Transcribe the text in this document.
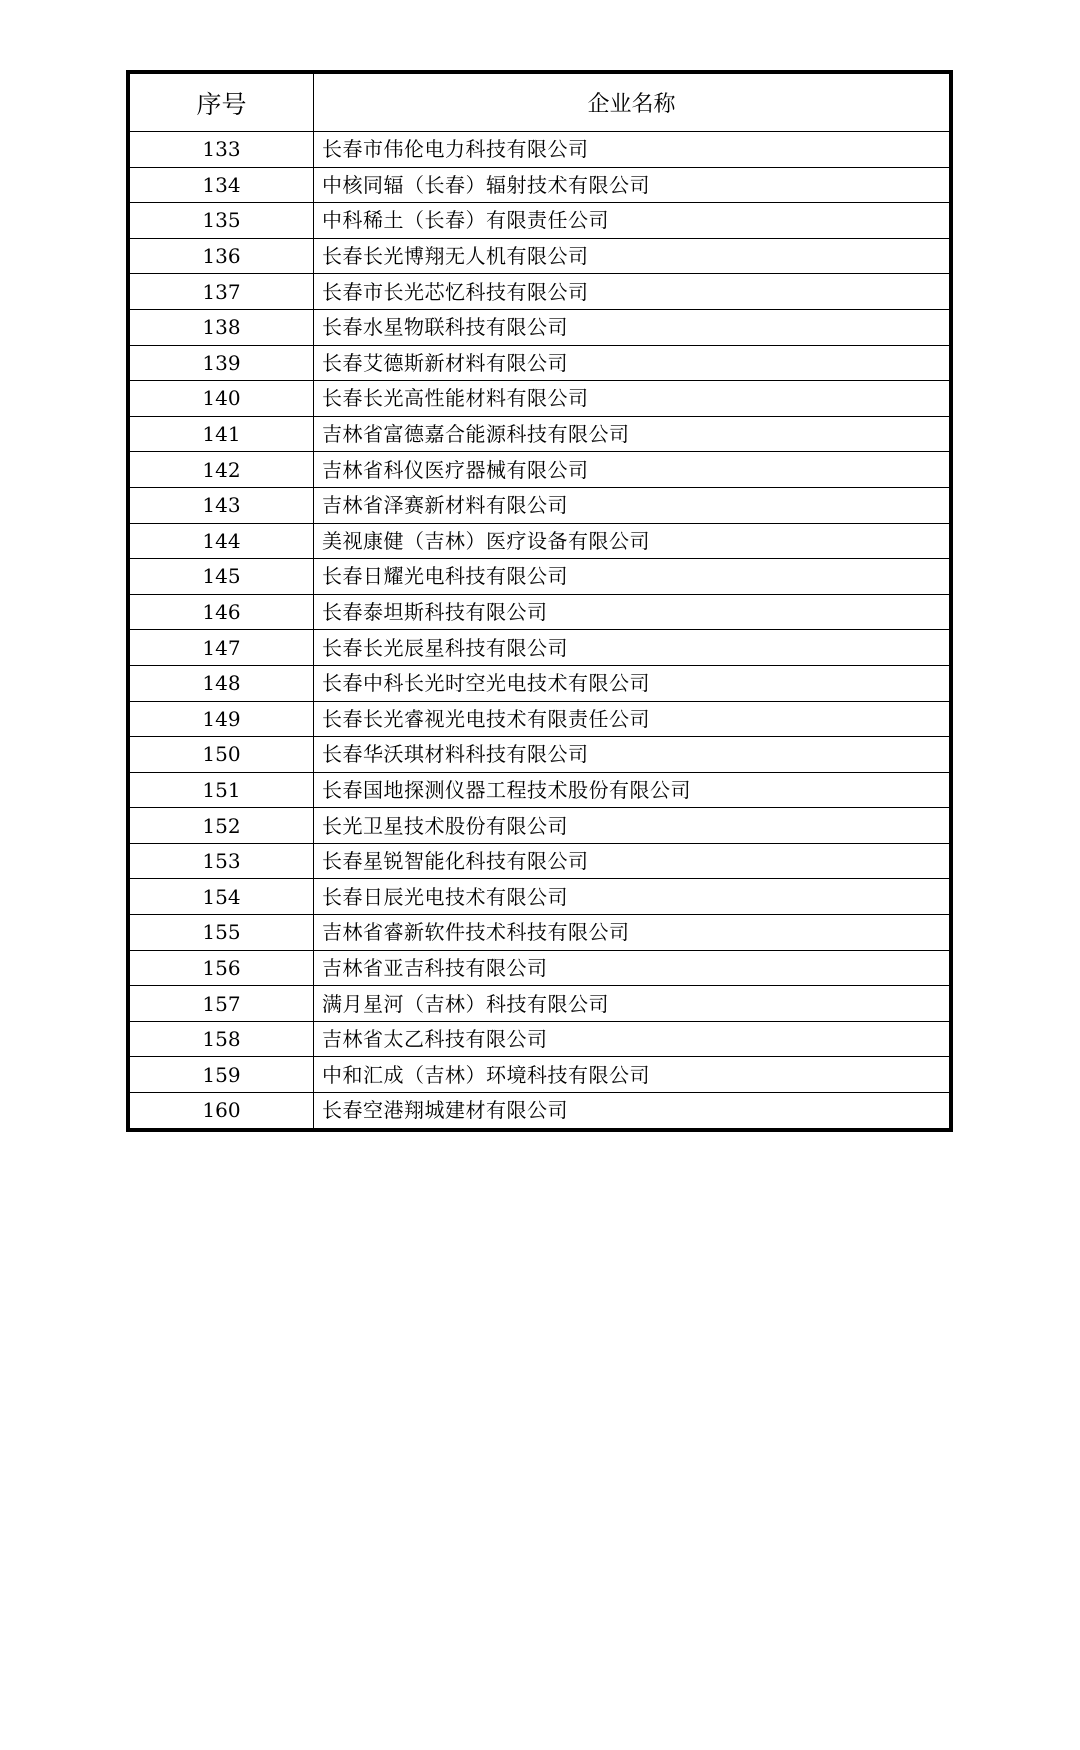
序号	企业名称
133	长春市伟伦电力科技有限公司
134	中核同辐（长春）辐射技术有限公司
135	中科稀土（长春）有限责任公司
136	长春长光博翔无人机有限公司
137	长春市长光芯忆科技有限公司
138	长春水星物联科技有限公司
139	长春艾德斯新材料有限公司
140	长春长光高性能材料有限公司
141	吉林省富德嘉合能源科技有限公司
142	吉林省科仪医疗器械有限公司
143	吉林省泽赛新材料有限公司
144	美视康健（吉林）医疗设备有限公司
145	长春日耀光电科技有限公司
146	长春泰坦斯科技有限公司
147	长春长光辰星科技有限公司
148	长春中科长光时空光电技术有限公司
149	长春长光睿视光电技术有限责任公司
150	长春华沃琪材料科技有限公司
151	长春国地探测仪器工程技术股份有限公司
152	长光卫星技术股份有限公司
153	长春星锐智能化科技有限公司
154	长春日辰光电技术有限公司
155	吉林省睿新软件技术科技有限公司
156	吉林省亚吉科技有限公司
157	满月星河（吉林）科技有限公司
158	吉林省太乙科技有限公司
159	中和汇成（吉林）环境科技有限公司
160	长春空港翔城建材有限公司
